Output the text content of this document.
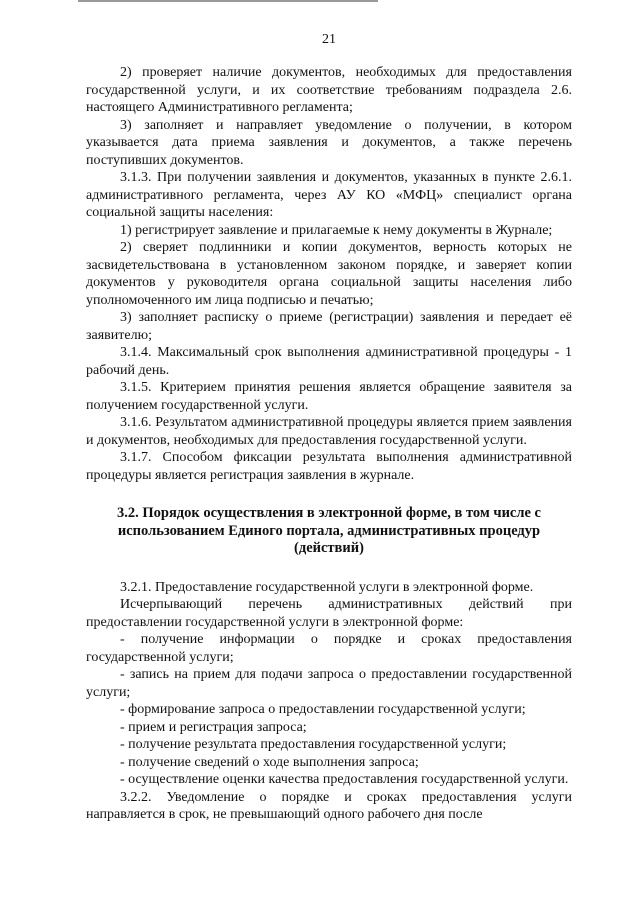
21

2) проверяет наличие документов, необходимых для предоставления государственной услуги, и их соответствие требованиям подраздела 2.6. настоящего Административного регламента;

3) заполняет и направляет уведомление о получении, в котором указывается дата приема заявления и документов, а также перечень поступивших документов.

3.1.3. При получении заявления и документов, указанных в пункте 2.6.1. административного регламента, через АУ КО «МФЦ» специалист органа социальной защиты населения:

1) регистрирует заявление и прилагаемые к нему документы в Журнале;

2) сверяет подлинники и копии документов, верность которых не засвидетельствована в установленном законом порядке, и заверяет копии документов у руководителя органа социальной защиты населения либо уполномоченного им лица подписью и печатью;

3) заполняет расписку о приеме (регистрации) заявления и передает её заявителю;

3.1.4. Максимальный срок выполнения административной процедуры - 1 рабочий день.

3.1.5. Критерием принятия решения является обращение заявителя за получением государственной услуги.

3.1.6. Результатом административной процедуры является прием заявления и документов, необходимых для предоставления государственной услуги.

3.1.7. Способом фиксации результата выполнения административной процедуры является регистрация заявления в журнале.

3.2. Порядок осуществления в электронной форме, в том числе с использованием Единого портала, административных процедур (действий)

3.2.1. Предоставление государственной услуги в электронной форме.

Исчерпывающий перечень административных действий при предоставлении государственной услуги в электронной форме:

- получение информации о порядке и сроках предоставления государственной услуги;

- запись на прием для подачи запроса о предоставлении государственной услуги;

- формирование запроса о предоставлении государственной услуги;

- прием и регистрация запроса;

- получение результата предоставления государственной услуги;

- получение сведений о ходе выполнения запроса;

- осуществление оценки качества предоставления государственной услуги.

3.2.2. Уведомление о порядке и сроках предоставления услуги направляется в срок, не превышающий одного рабочего дня после
